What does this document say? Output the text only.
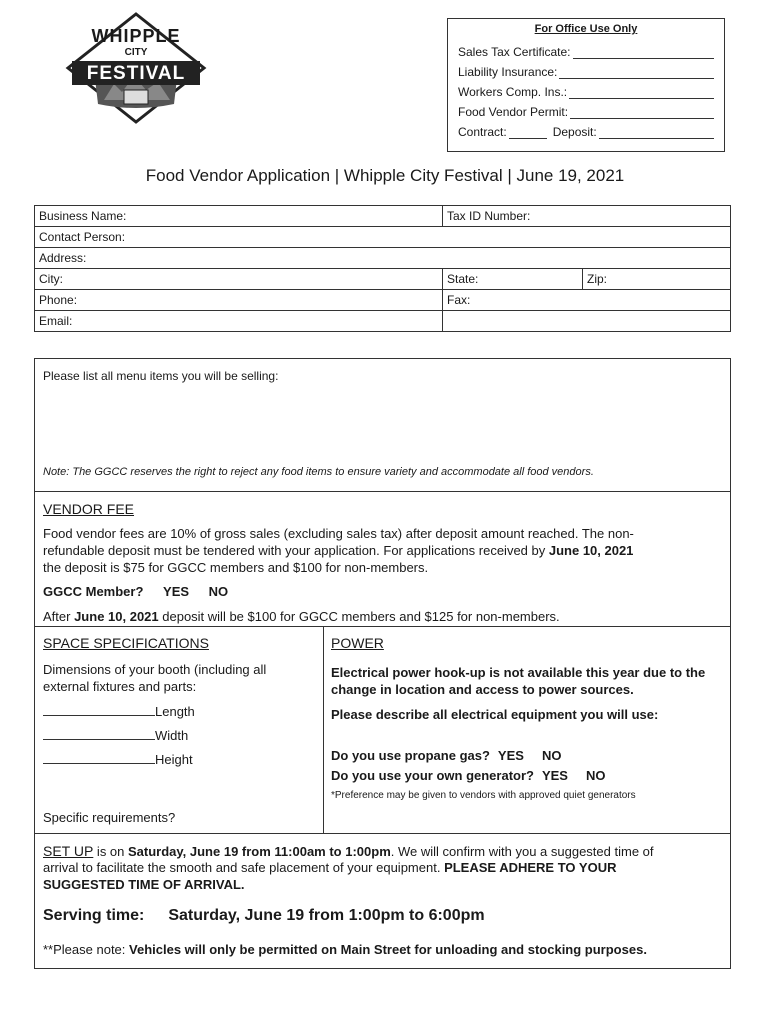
WHIPPLE
CITY
FESTIVAL
For Office Use Only
Sales Tax Certificate:
Liability Insurance:
Workers Comp. Ins.:
Food Vendor Permit:
Contract:	Deposit:
Food Vendor Application | Whipple City Festival | June 19, 2021
Business Name:	Tax ID Number:	
Contact Person:		
Address:		
City:	State:	Zip:
Phone:	Fax:	
Email:		
Please list all menu items you will be selling:
Note: The GGCC reserves the right to reject any food items to ensure variety and accommodate all food vendors.
VENDOR FEE
Food vendor fees are 10% of gross sales (excluding sales tax) after deposit amount reached. The non-
refundable deposit must be tendered with your application. For applications received by June 10, 2021
the deposit is $75 for GGCC members and $100 for non-members.
GGCC Member? YES NO
After June 10, 2021 deposit will be $100 for GGCC members and $125 for non-members.
SPACE SPECIFICATIONS
Dimensions of your booth (including all
external fixtures and parts:
Length
Width
Height
Specific requirements?
POWER
Electrical power hook-up is not available this year due to the
change in location and access to power sources.
Please describe all electrical equipment you will use:
Do you use propane gas? YES NO
Do you use your own generator? YES NO
*Preference may be given to vendors with approved quiet generators
SET UP is on Saturday, June 19 from 11:00am to 1:00pm. We will confirm with you a suggested time of
arrival to facilitate the smooth and safe placement of your equipment. PLEASE ADHERE TO YOUR
SUGGESTED TIME OF ARRIVAL.
Serving time: Saturday, June 19 from 1:00pm to 6:00pm
**Please note: Vehicles will only be permitted on Main Street for unloading and stocking purposes.
